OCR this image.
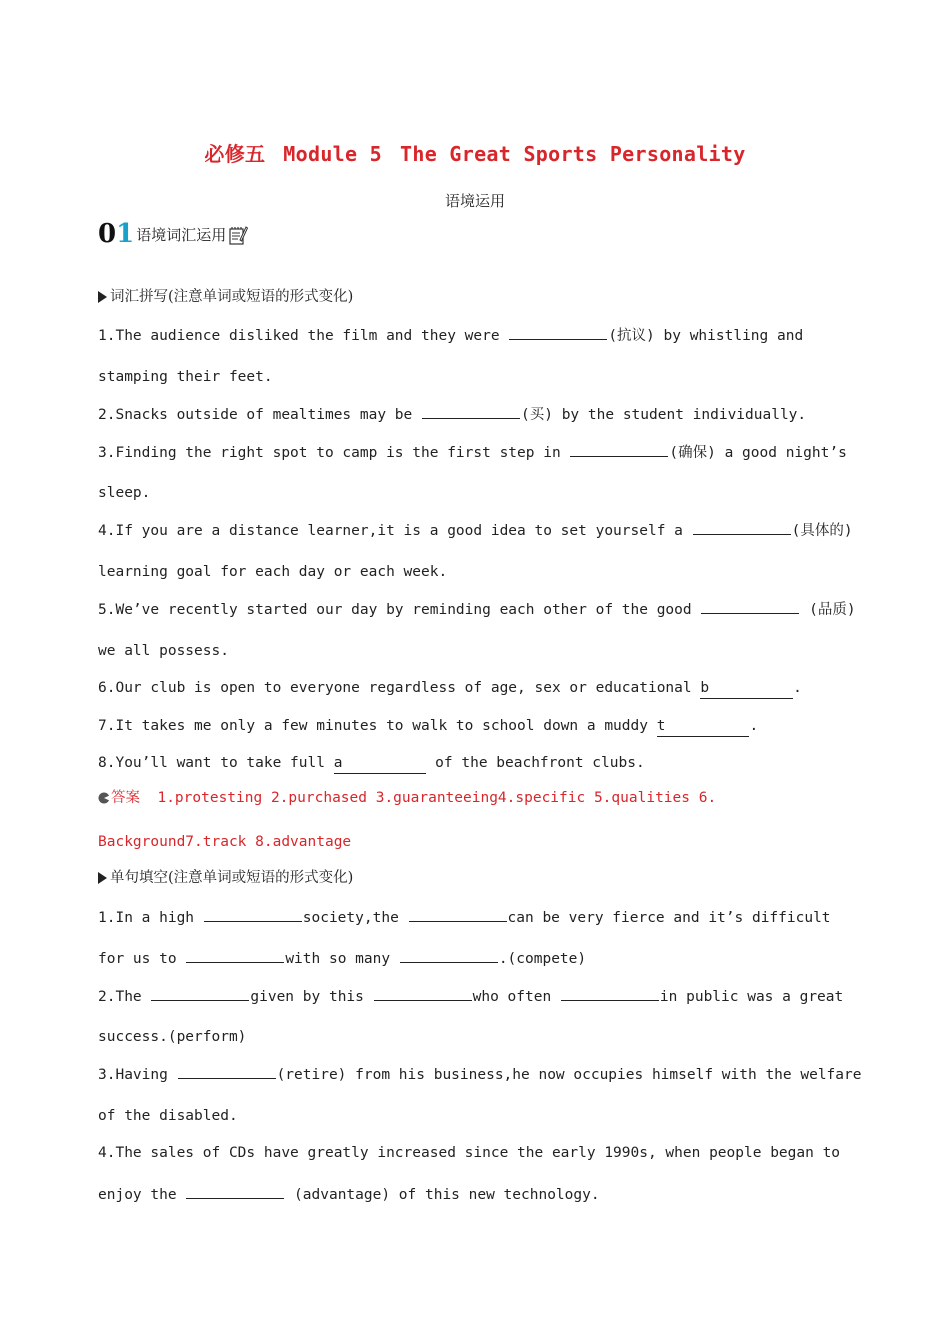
必修五 Module 5 The Great Sports Personality
语境运用
01 语境词汇运用
词汇拼写(注意单词或短语的形式变化)
1.The audience disliked the film and they were	(抗议) by whistling and
stamping their feet.
2.Snacks outside of mealtimes may be	(买) by the student individually.
3.Finding the right spot to camp is the first step in	(确保) a good night’s
sleep.
4.If you are a distance learner,it is a good idea to set yourself a	(具体的)
learning goal for each day or each week.
5.We’ve recently started our day by reminding each other of the good	(品质)
we all possess.
6.Our club is open to everyone regardless of age, sex or educational b	.
7.It takes me only a few minutes to walk to school down a muddy t	.
8.You’ll want to take full a	of the beachfront clubs.
答案 1.protesting 2.purchased 3.guaranteeing4.specific 5.qualities 6.
Background7.track 8.advantage
单句填空(注意单词或短语的形式变化)
1.In a high	society,the	can be very fierce and it’s difficult
for us to	with so many	.(compete)
2.The	given by this	who often	in public was a great
success.(perform)
3.Having	(retire) from his business,he now occupies himself with the welfare
of the disabled.
4.The sales of CDs have greatly increased since the early 1990s, when people began to
enjoy the	(advantage) of this new technology.
